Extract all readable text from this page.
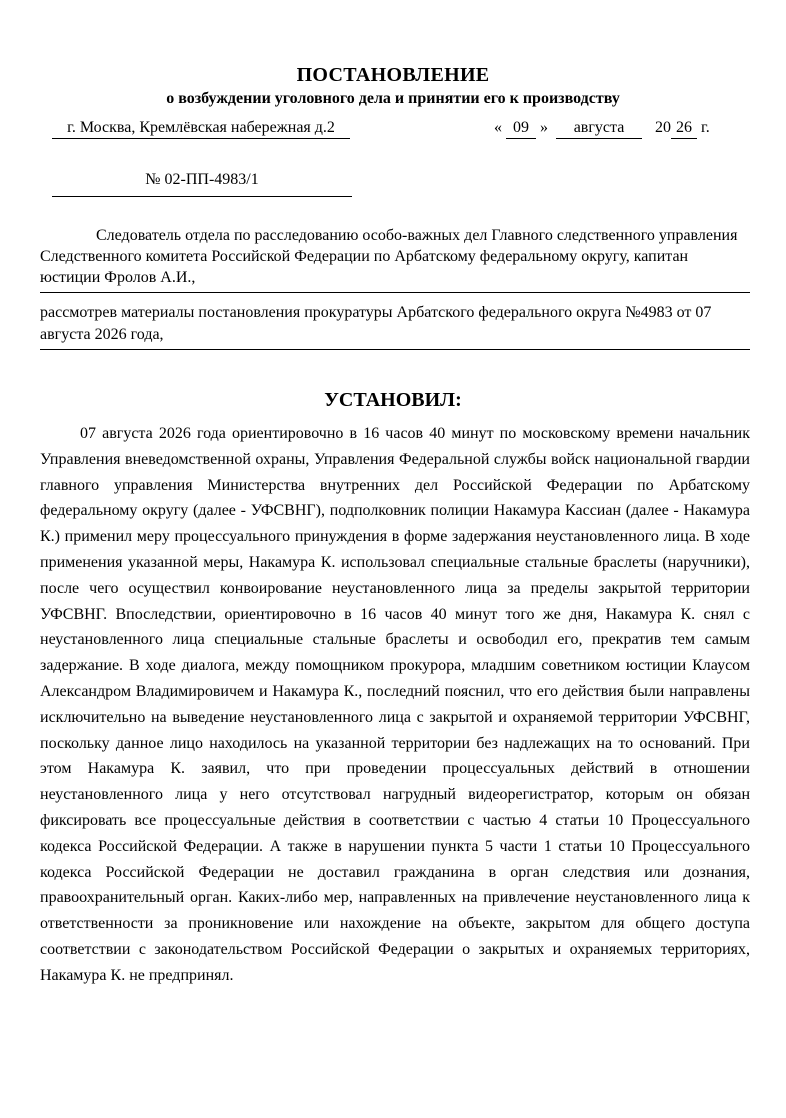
ПОСТАНОВЛЕНИЕ
о возбуждении уголовного дела и принятии его к производству
г. Москва, Кремлёвская набережная д.2	« 09 »	августа	20 26 г.
№ 02-ПП-4983/1
Следователь отдела по расследованию особо-важных дел Главного следственного управления Следственного комитета Российской Федерации по Арбатскому федеральному округу, капитан юстиции Фролов А.И.,
рассмотрев материалы постановления прокуратуры Арбатского федерального округа №4983 от 07 августа 2026 года,
УСТАНОВИЛ:
07 августа 2026 года ориентировочно в 16 часов 40 минут по московскому времени начальник Управления вневедомственной охраны, Управления Федеральной службы войск национальной гвардии главного управления Министерства внутренних дел Российской Федерации по Арбатскому федеральному округу (далее - УФСВНГ), подполковник полиции Накамура Кассиан (далее - Накамура К.) применил меру процессуального принуждения в форме задержания неустановленного лица. В ходе применения указанной меры, Накамура К. использовал специальные стальные браслеты (наручники), после чего осуществил конвоирование неустановленного лица за пределы закрытой территории УФСВНГ. Впоследствии, ориентировочно в 16 часов 40 минут того же дня, Накамура К. снял с неустановленного лица специальные стальные браслеты и освободил его, прекратив тем самым задержание. В ходе диалога, между помощником прокурора, младшим советником юстиции Клаусом Александром Владимировичем и Накамура К., последний пояснил, что его действия были направлены исключительно на выведение неустановленного лица с закрытой и охраняемой территории УФСВНГ, поскольку данное лицо находилось на указанной территории без надлежащих на то оснований. При этом Накамура К. заявил, что при проведении процессуальных действий в отношении неустановленного лица у него отсутствовал нагрудный видеорегистратор, которым он обязан фиксировать все процессуальные действия в соответствии с частью 4 статьи 10 Процессуального кодекса Российской Федерации. А также в нарушении пункта 5 части 1 статьи 10 Процессуального кодекса Российской Федерации не доставил гражданина в орган следствия или дознания, правоохранительный орган. Каких-либо мер, направленных на привлечение неустановленного лица к ответственности за проникновение или нахождение на объекте, закрытом для общего доступа соответствии с законодательством Российской Федерации о закрытых и охраняемых территориях, Накамура К. не предпринял.
